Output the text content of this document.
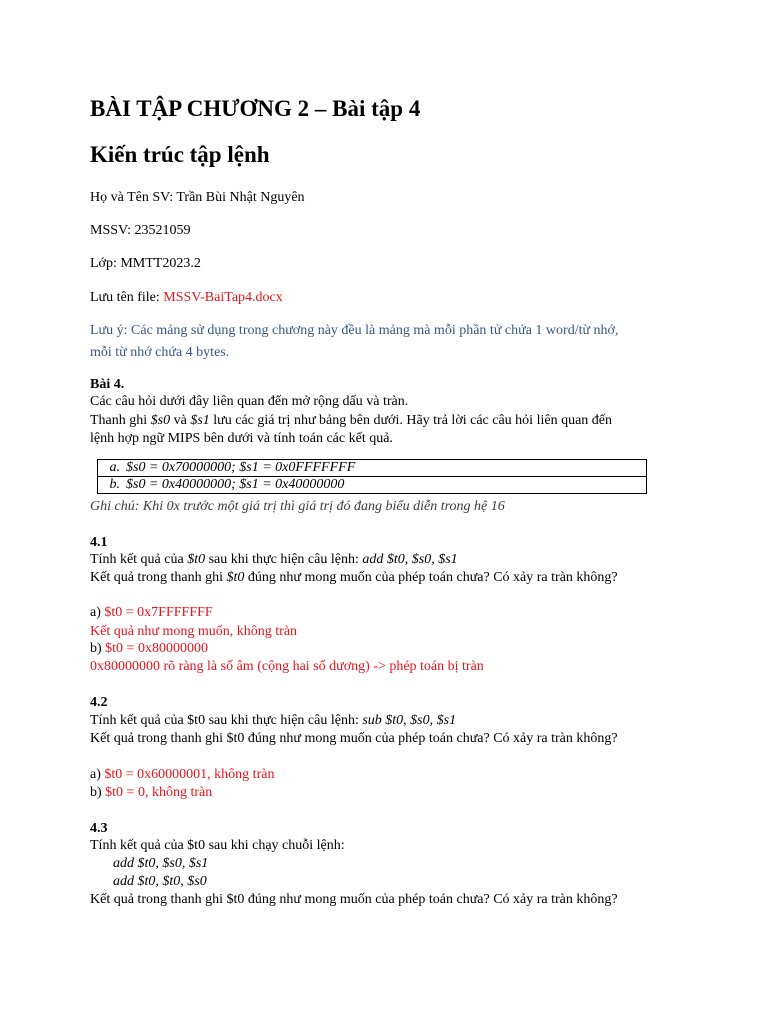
BÀI TẬP CHƯƠNG 2 – Bài tập 4
Kiến trúc tập lệnh
Họ và Tên SV: Trần Bùi Nhật Nguyên
MSSV: 23521059
Lớp: MMTT2023.2
Lưu tên file: MSSV-BaiTap4.docx
Lưu ý: Các mảng sử dụng trong chương này đều là mảng mà mỗi phần tử chứa 1 word/từ nhớ,
mỗi từ nhớ chứa 4 bytes.
Bài 4.
Các câu hỏi dưới đây liên quan đến mở rộng dấu và tràn.
Thanh ghi $s0 và $s1 lưu các giá trị như bảng bên dưới. Hãy trả lời các câu hỏi liên quan đến
lệnh hợp ngữ MIPS bên dưới và tính toán các kết quả.
a. $s0 = 0x70000000; $s1 = 0x0FFFFFFF
b. $s0 = 0x40000000; $s1 = 0x40000000
Ghi chú: Khi 0x trước một giá trị thì giá trị đó đang biểu diễn trong hệ 16
4.1
Tính kết quả của $t0 sau khi thực hiện câu lệnh: add $t0, $s0, $s1
Kết quả trong thanh ghi $t0 đúng như mong muốn của phép toán chưa? Có xảy ra tràn không?
a) $t0 = 0x7FFFFFFF
Kết quả như mong muốn, không tràn
b) $t0 = 0x80000000
0x80000000 rõ ràng là số âm (cộng hai số dương) -> phép toán bị tràn
4.2
Tính kết quả của $t0 sau khi thực hiện câu lệnh: sub $t0, $s0, $s1
Kết quả trong thanh ghi $t0 đúng như mong muốn của phép toán chưa? Có xảy ra tràn không?
a) $t0 = 0x60000001, không tràn
b) $t0 = 0, không tràn
4.3
Tính kết quả của $t0 sau khi chạy chuỗi lệnh:
add $t0, $s0, $s1
add $t0, $t0, $s0
Kết quả trong thanh ghi $t0 đúng như mong muốn của phép toán chưa? Có xảy ra tràn không?
